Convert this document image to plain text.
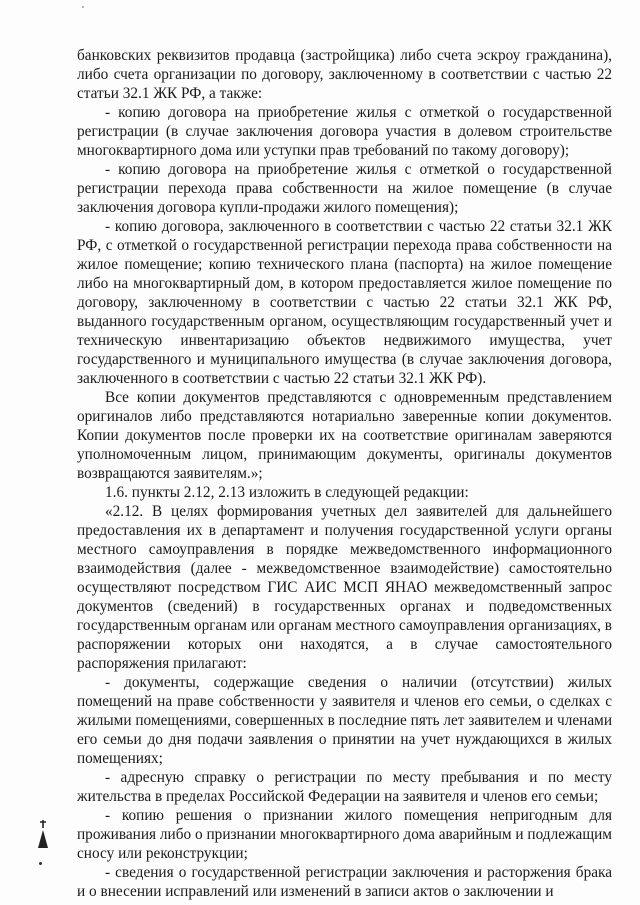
банковских реквизитов продавца (застройщика) либо счета эскроу гражданина), либо счета организации по договору, заключенному в соответствии с частью 22 статьи 32.1 ЖК РФ, а также:

- копию договора на приобретение жилья с отметкой о государственной регистрации (в случае заключения договора участия в долевом строительстве многоквартирного дома или уступки прав требований по такому договору);

- копию договора на приобретение жилья с отметкой о государственной регистрации перехода права собственности на жилое помещение (в случае заключения договора купли-продажи жилого помещения);

- копию договора, заключенного в соответствии с частью 22 статьи 32.1 ЖК РФ, с отметкой о государственной регистрации перехода права собственности на жилое помещение; копию технического плана (паспорта) на жилое помещение либо на многоквартирный дом, в котором предоставляется жилое помещение по договору, заключенному в соответствии с частью 22 статьи 32.1 ЖК РФ, выданного государственным органом, осуществляющим государственный учет и техническую инвентаризацию объектов недвижимого имущества, учет государственного и муниципального имущества (в случае заключения договора, заключенного в соответствии с частью 22 статьи 32.1 ЖК РФ).

Все копии документов представляются с одновременным представлением оригиналов либо представляются нотариально заверенные копии документов. Копии документов после проверки их на соответствие оригиналам заверяются уполномоченным лицом, принимающим документы, оригиналы документов возвращаются заявителям.»;

1.6. пункты 2.12, 2.13 изложить в следующей редакции:

«2.12. В целях формирования учетных дел заявителей для дальнейшего предоставления их в департамент и получения государственной услуги органы местного самоуправления в порядке межведомственного информационного взаимодействия (далее - межведомственное взаимодействие) самостоятельно осуществляют посредством ГИС АИС МСП ЯНАО межведомственный запрос документов (сведений) в государственных органах и подведомственных государственным органам или органам местного самоуправления организациях, в распоряжении которых они находятся, а в случае самостоятельного распоряжения прилагают:

- документы, содержащие сведения о наличии (отсутствии) жилых помещений на праве собственности у заявителя и членов его семьи, о сделках с жилыми помещениями, совершенных в последние пять лет заявителем и членами его семьи до дня подачи заявления о принятии на учет нуждающихся в жилых помещениях;

- адресную справку о регистрации по месту пребывания и по месту жительства в пределах Российской Федерации на заявителя и членов его семьи;

- копию решения о признании жилого помещения непригодным для проживания либо о признании многоквартирного дома аварийным и подлежащим сносу или реконструкции;

- сведения о государственной регистрации заключения и расторжения брака и о внесении исправлений или изменений в записи актов о заключении и
